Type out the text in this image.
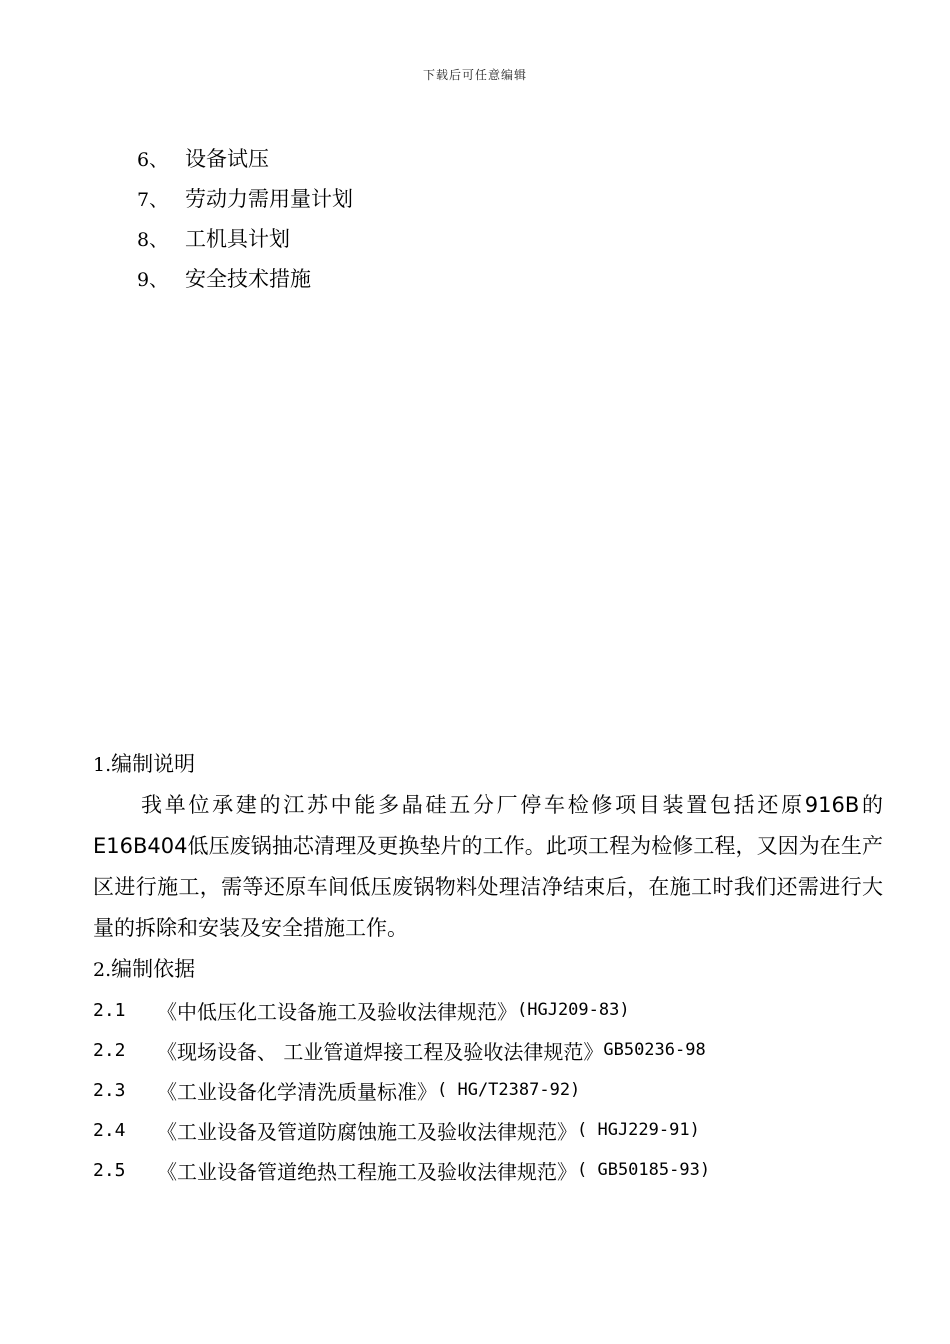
下载后可任意编辑
6、 设备试压
7、 劳动力需用量计划
8、 工机具计划
9、 安全技术措施
1.编制说明

我单位承建的江苏中能多晶硅五分厂停车检修项目装置包括还原916B的E16B404低压废锅抽芯清理及更换垫片的工作。此项工程为检修工程，又因为在生产区进行施工，需等还原车间低压废锅物料处理洁净结束后，在施工时我们还需进行大量的拆除和安装及安全措施工作。

2.编制依据
2.1	《中低压化工设备施工及验收法律规范》 (HGJ209-83)
2.2	《现场设备、 工业管道焊接工程及验收法律规范》 GB50236-98
2.3	《工业设备化学清洗质量标准》 ( HG/T2387-92)
2.4	《工业设备及管道防腐蚀施工及验收法律规范》 ( HGJ229-91)
2.5	《工业设备管道绝热工程施工及验收法律规范》 ( GB50185-93)
